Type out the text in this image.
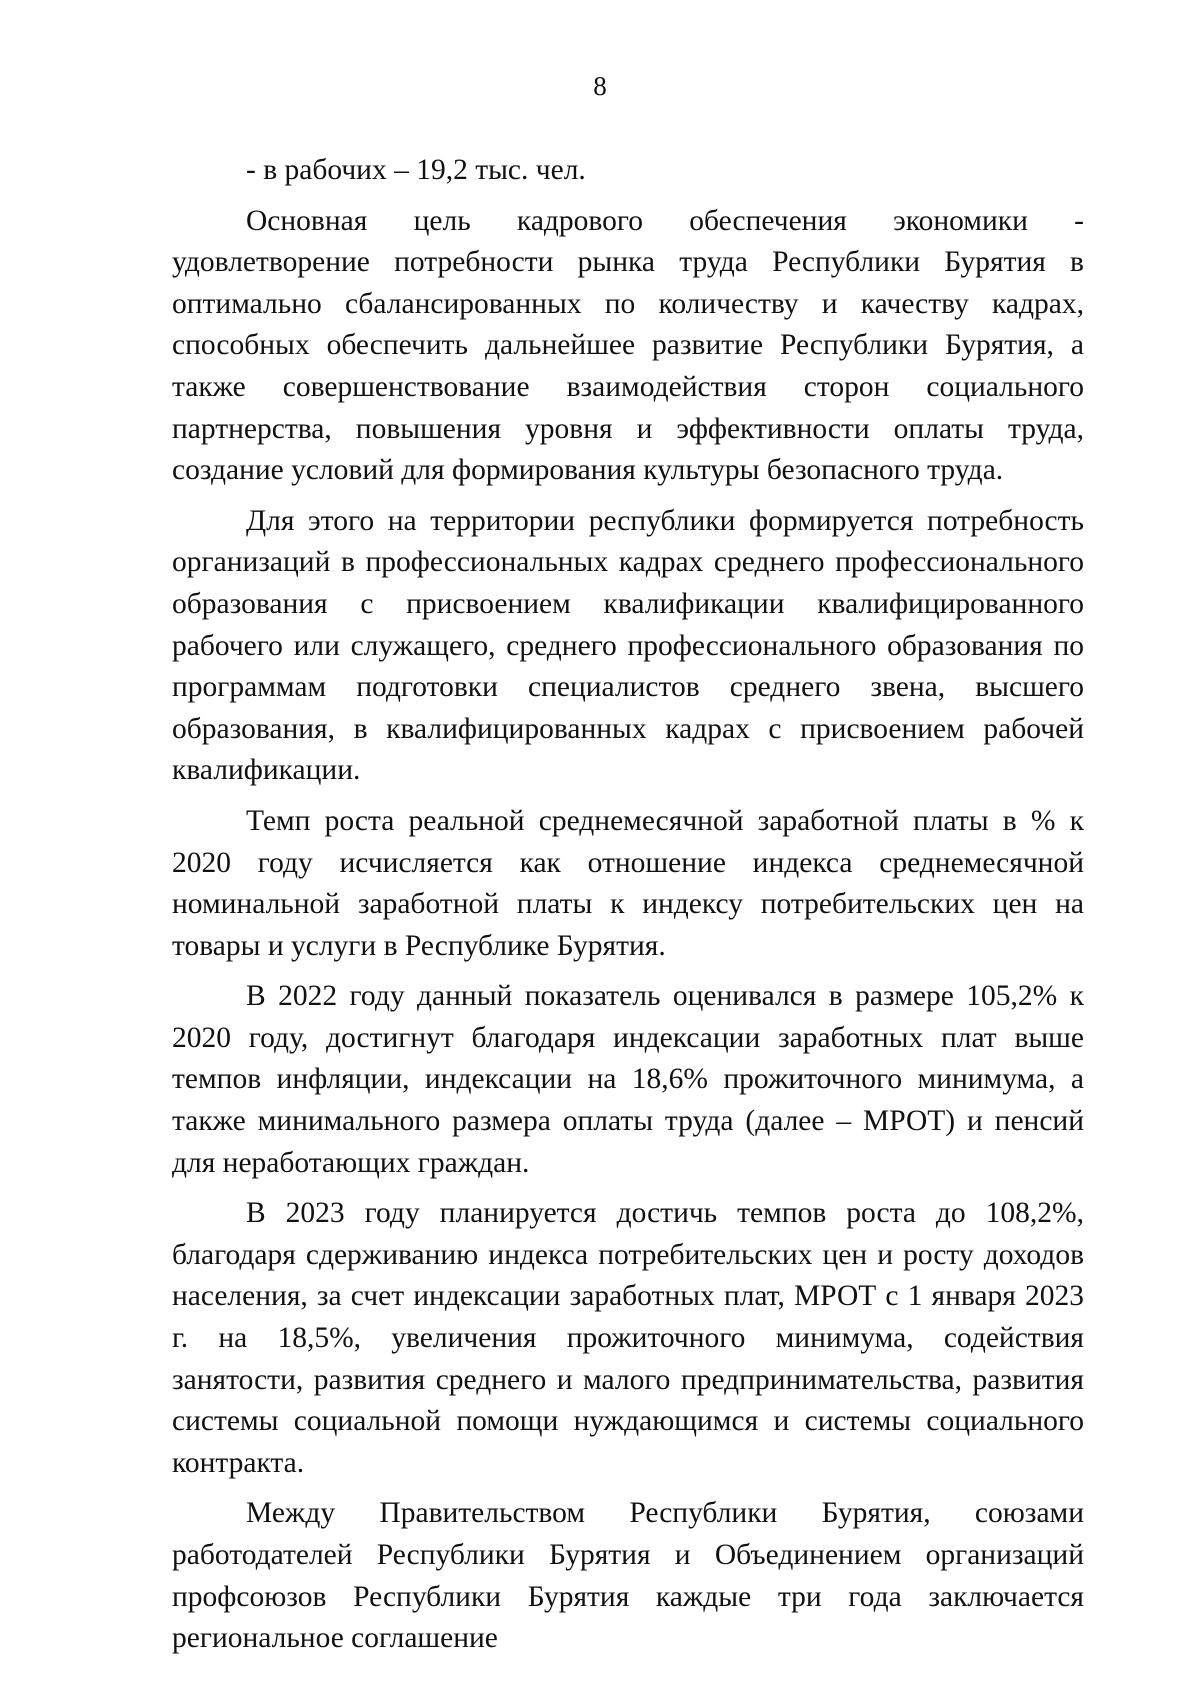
8

- в рабочих – 19,2 тыс. чел.

Основная цель кадрового обеспечения экономики - удовлетворение потребности рынка труда Республики Бурятия в оптимально сбалансированных по количеству и качеству кадрах, способных обеспечить дальнейшее развитие Республики Бурятия, а также совершенствование взаимодействия сторон социального партнерства, повышения уровня и эффективности оплаты труда, создание условий для формирования культуры безопасного труда.

Для этого на территории республики формируется потребность организаций в профессиональных кадрах среднего профессионального образования с присвоением квалификации квалифицированного рабочего или служащего, среднего профессионального образования по программам подготовки специалистов среднего звена, высшего образования, в квалифицированных кадрах с присвоением рабочей квалификации.

Темп роста реальной среднемесячной заработной платы в % к 2020 году исчисляется как отношение индекса среднемесячной номинальной заработной платы к индексу потребительских цен на товары и услуги в Республике Бурятия.

В 2022 году данный показатель оценивался в размере 105,2% к 2020 году, достигнут благодаря индексации заработных плат выше темпов инфляции, индексации на 18,6% прожиточного минимума, а также минимального размера оплаты труда (далее – МРОТ) и пенсий для неработающих граждан.

В 2023 году планируется достичь темпов роста до 108,2%, благодаря сдерживанию индекса потребительских цен и росту доходов населения, за счет индексации заработных плат, МРОТ с 1 января 2023 г. на 18,5%, увеличения прожиточного минимума, содействия занятости, развития среднего и малого предпринимательства, развития системы социальной помощи нуждающимся и системы социального контракта.

Между Правительством Республики Бурятия, союзами работодателей Республики Бурятия и Объединением организаций профсоюзов Республики Бурятия каждые три года заключается региональное соглашение
